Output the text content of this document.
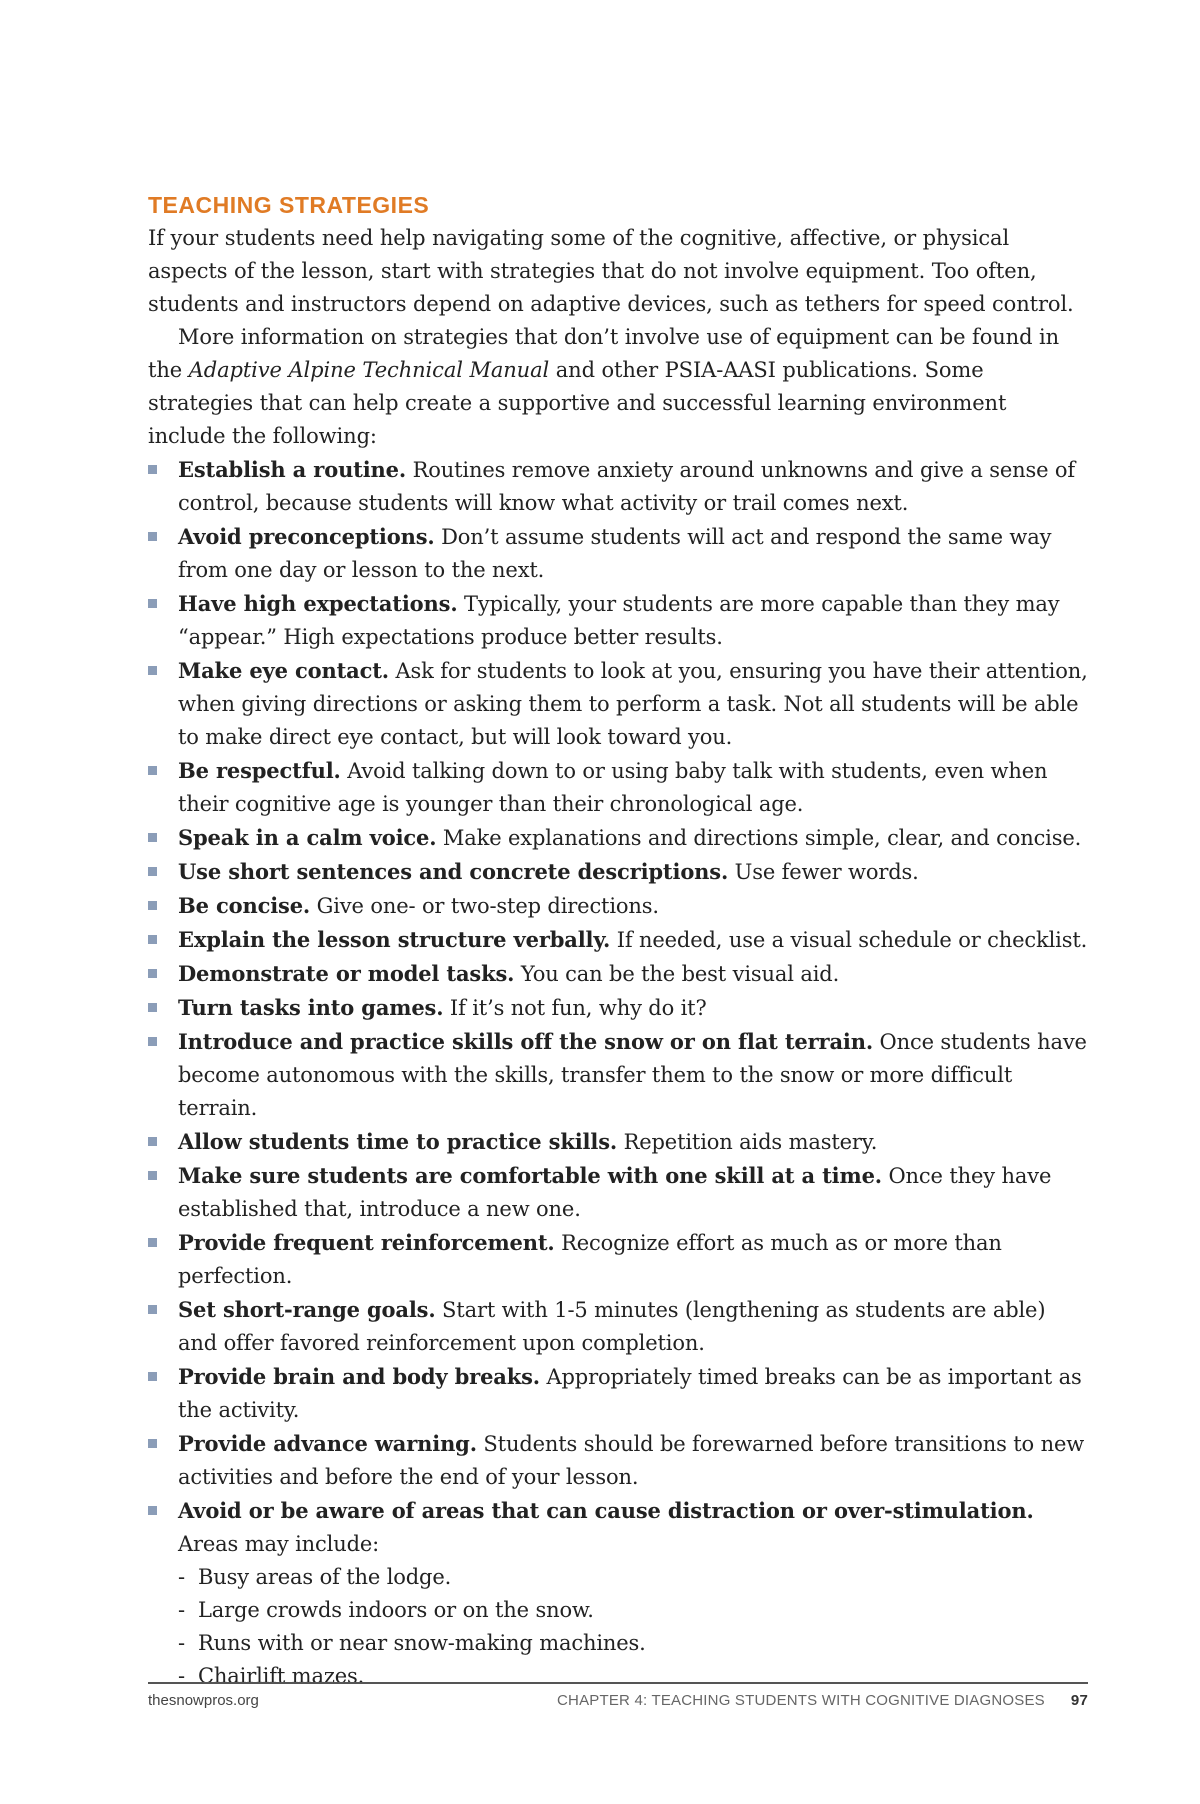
TEACHING STRATEGIES

If your students need help navigating some of the cognitive, affective, or physical aspects of the lesson, start with strategies that do not involve equipment. Too often, students and instructors depend on adaptive devices, such as tethers for speed control.

More information on strategies that don’t involve use of equipment can be found in the Adaptive Alpine Technical Manual and other PSIA-AASI publications. Some strategies that can help create a supportive and successful learning environment include the following:

Establish a routine. Routines remove anxiety around unknowns and give a sense of control, because students will know what activity or trail comes next.
Avoid preconceptions. Don’t assume students will act and respond the same way from one day or lesson to the next.
Have high expectations. Typically, your students are more capable than they may “appear.” High expectations produce better results.
Make eye contact. Ask for students to look at you, ensuring you have their attention, when giving directions or asking them to perform a task. Not all students will be able to make direct eye contact, but will look toward you.
Be respectful. Avoid talking down to or using baby talk with students, even when their cognitive age is younger than their chronological age.
Speak in a calm voice. Make explanations and directions simple, clear, and concise.
Use short sentences and concrete descriptions. Use fewer words.
Be concise. Give one- or two-step directions.
Explain the lesson structure verbally. If needed, use a visual schedule or checklist.
Demonstrate or model tasks. You can be the best visual aid.
Turn tasks into games. If it’s not fun, why do it?
Introduce and practice skills off the snow or on flat terrain. Once students have become autonomous with the skills, transfer them to the snow or more difficult terrain.
Allow students time to practice skills. Repetition aids mastery.
Make sure students are comfortable with one skill at a time. Once they have established that, introduce a new one.
Provide frequent reinforcement. Recognize effort as much as or more than perfection.
Set short-range goals. Start with 1-5 minutes (lengthening as students are able) and offer favored reinforcement upon completion.
Provide brain and body breaks. Appropriately timed breaks can be as important as the activity.
Provide advance warning. Students should be forewarned before transitions to new activities and before the end of your lesson.
Avoid or be aware of areas that can cause distraction or over-stimulation. Areas may include:
- Busy areas of the lodge.
- Large crowds indoors or on the snow.
- Runs with or near snow-making machines.
- Chairlift mazes.
thesnowpros.org	CHAPTER 4: TEACHING STUDENTS WITH COGNITIVE DIAGNOSES 97
